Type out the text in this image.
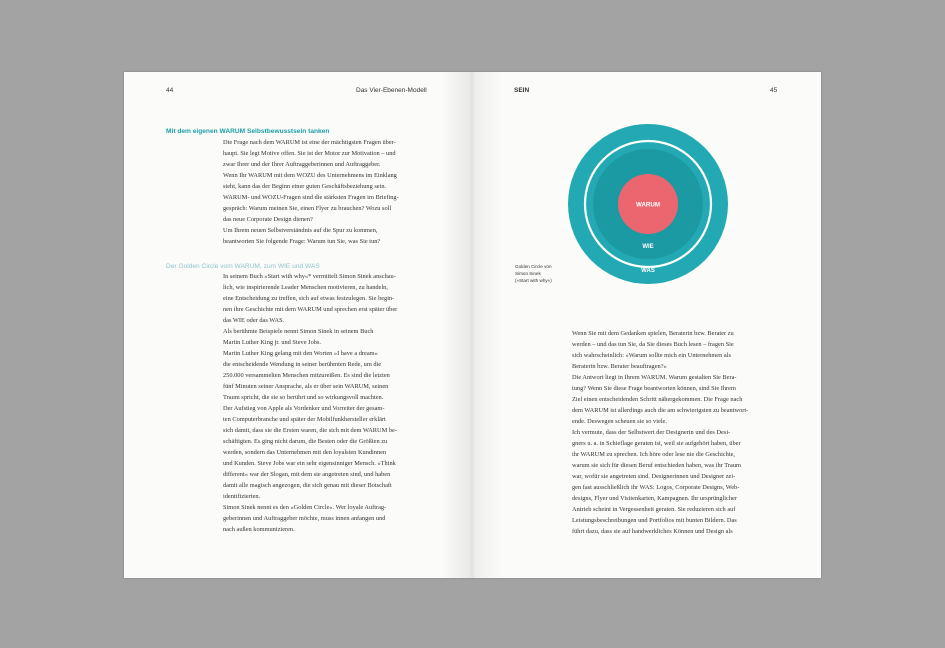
44	Das Vier-Ebenen-Modell
Mit dem eigenen WARUM Selbstbewusstsein tanken

Die Frage nach dem WARUM ist eine der mächtigsten Fragen über-

haupt. Sie legt Motive offen. Sie ist der Motor zur Motivation – und

zwar Ihrer und der Ihrer Auftraggeberinnen und Auftraggeber.

Wenn Ihr WARUM mit dem WOZU des Unternehmens im Einklang

steht, kann das der Beginn einer guten Geschäftsbeziehung sein.

WARUM- und WOZU-Fragen sind die stärksten Fragen im Briefing-

gespräch: Warum meinen Sie, einen Flyer zu brauchen? Wozu soll

das neue Corporate Design dienen?

Um Ihrem neuen Selbstverständnis auf die Spur zu kommen,

beantworten Sie folgende Frage: Warum tun Sie, was Sie tun?

Der Golden Circle vom WARUM, zum WIE und WAS

In seinem Buch »Start with why«* vermittelt Simon Sinek anschau-

lich, wie inspirierende Leader Menschen motivieren, zu handeln,

eine Entscheidung zu treffen, sich auf etwas festzulegen. Sie begin-

nen ihre Geschichte mit dem WARUM und sprechen erst später über

das WIE oder das WAS.

Als berühmte Beispiele nennt Simon Sinek in seinem Buch

Martin Luther King jr. und Steve Jobs.

Martin Luther King gelang mit den Worten »I have a dream«

die entscheidende Wendung in seiner berühmten Rede, um die

250.000 versammelten Menschen mitzureißen. Es sind die letzten

fünf Minuten seiner Ansprache, als er über sein WARUM, seinen

Traum spricht, die sie so berührt und so wirkungsvoll machten.

Der Aufstieg von Apple als Vordenker und Vorreiter der gesam-

ten Computerbranche und später der Mobilfunkhersteller erklärt

sich damit, dass sie die Ersten waren, die sich mit dem WARUM be-

schäftigten. Es ging nicht darum, die Besten oder die Größten zu

werden, sondern das Unternehmen mit den loyalsten Kundinnen

und Kunden. Steve Jobs war ein sehr eigensinniger Mensch. »Think

different« war der Slogan, mit dem sie angetreten sind, und haben

damit alle magisch angezogen, die sich genau mit dieser Botschaft

identifizierten.

Simon Sinek nennt es den »Golden Circle«. Wer loyale Auftrag-

geberinnen und Auftraggeber möchte, muss innen anfangen und

nach außen kommunizieren.

SEIN	45
WARUM
WIE
WAS
Golden Circle von
Simon Sinek
(»Start with why«)

Wenn Sie mit dem Gedanken spielen, Beraterin bzw. Berater zu

werden – und das tun Sie, da Sie dieses Buch lesen – fragen Sie

sich wahrscheinlich: »Warum sollte mich ein Unternehmen als

Beraterin bzw. Berater beauftragen?«

Die Antwort liegt in Ihrem WARUM. Warum gestalten Sie Bera-

tung? Wenn Sie diese Frage beantworten können, sind Sie Ihrem

Ziel einen entscheidenden Schritt nähergekommen. Die Frage nach

dem WARUM ist allerdings auch die am schwierigsten zu beantwort-

ende. Deswegen scheuen sie so viele.

Ich vermute, dass der Selbstwert der Designerin und des Desi-

gners u. a. in Schieflage geraten ist, weil sie aufgehört haben, über

ihr WARUM zu sprechen. Ich höre oder lese nie die Geschichte,

warum sie sich für diesen Beruf entschieden haben, was ihr Traum

war, wofür sie angetreten sind. Designerinnen und Designer zei-

gen fast ausschließlich ihr WAS: Logos, Corporate Designs, Web-

designs, Flyer und Visitenkarten, Kampagnen. Ihr ursprünglicher

Antrieb scheint in Vergessenheit geraten. Sie reduzieren sich auf

Leistungsbeschreibungen und Portfolios mit bunten Bildern. Das

führt dazu, dass sie auf handwerkliches Können und Design als
